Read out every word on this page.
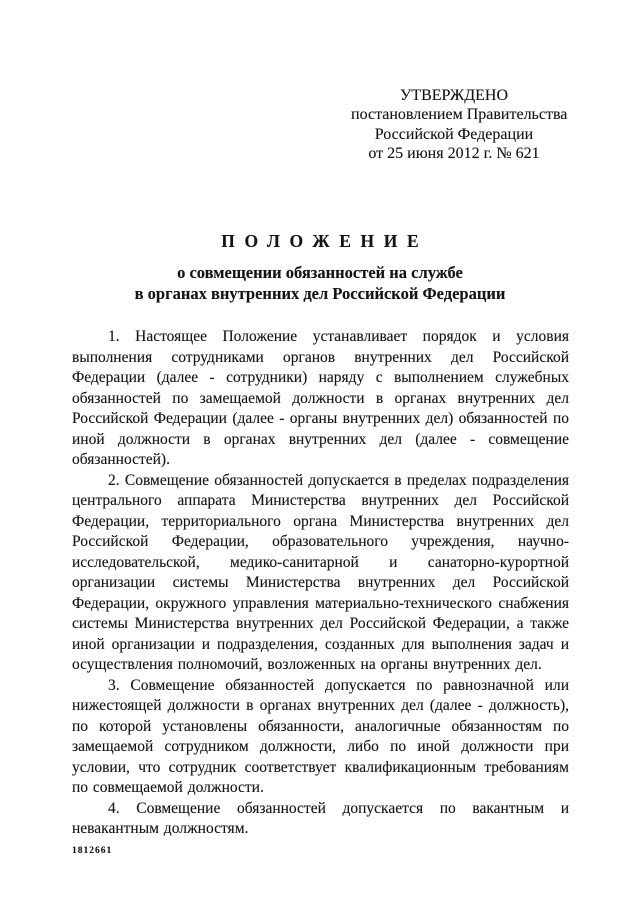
УТВЕРЖДЕНО
постановлением Правительства
Российской Федерации
от 25 июня 2012 г. № 621
ПОЛОЖЕНИЕ
о совмещении обязанностей на службе
в органах внутренних дел Российской Федерации

1. Настоящее Положение устанавливает порядок и условия выполнения сотрудниками органов внутренних дел Российской Федерации (далее - сотрудники) наряду с выполнением служебных обязанностей по замещаемой должности в органах внутренних дел Российской Федерации (далее - органы внутренних дел) обязанностей по иной должности в органах внутренних дел (далее - совмещение обязанностей).

2. Совмещение обязанностей допускается в пределах подразделения центрального аппарата Министерства внутренних дел Российской Федерации, территориального органа Министерства внутренних дел Российской Федерации, образовательного учреждения, научно-исследовательской, медико-санитарной и санаторно-курортной организации системы Министерства внутренних дел Российской Федерации, окружного управления материально-технического снабжения системы Министерства внутренних дел Российской Федерации, а также иной организации и подразделения, созданных для выполнения задач и осуществления полномочий, возложенных на органы внутренних дел.

3. Совмещение обязанностей допускается по равнозначной или нижестоящей должности в органах внутренних дел (далее - должность), по которой установлены обязанности, аналогичные обязанностям по замещаемой сотрудником должности, либо по иной должности при условии, что сотрудник соответствует квалификационным требованиям по совмещаемой должности.

4. Совмещение обязанностей допускается по вакантным и невакантным должностям.

1812661
